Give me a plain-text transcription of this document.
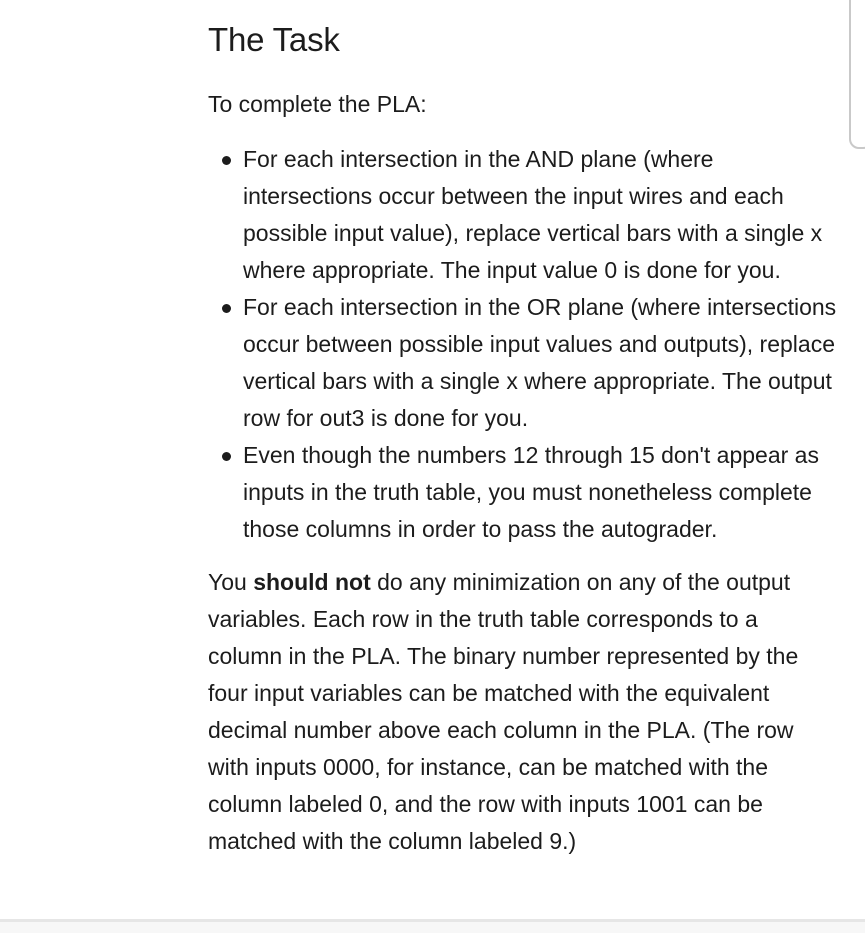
The Task

To complete the PLA:

For each intersection in the AND plane (where intersections occur between the input wires and each possible input value), replace vertical bars with a single x where appropriate. The input value 0 is done for you.
For each intersection in the OR plane (where intersections occur between possible input values and outputs), replace vertical bars with a single x where appropriate. The output row for out3 is done for you.
Even though the numbers 12 through 15 don't appear as inputs in the truth table, you must nonetheless complete those columns in order to pass the autograder.

You should not do any minimization on any of the output variables. Each row in the truth table corresponds to a column in the PLA. The binary number represented by the four input variables can be matched with the equivalent decimal number above each column in the PLA. (The row with inputs 0000, for instance, can be matched with the column labeled 0, and the row with inputs 1001 can be matched with the column labeled 9.)
